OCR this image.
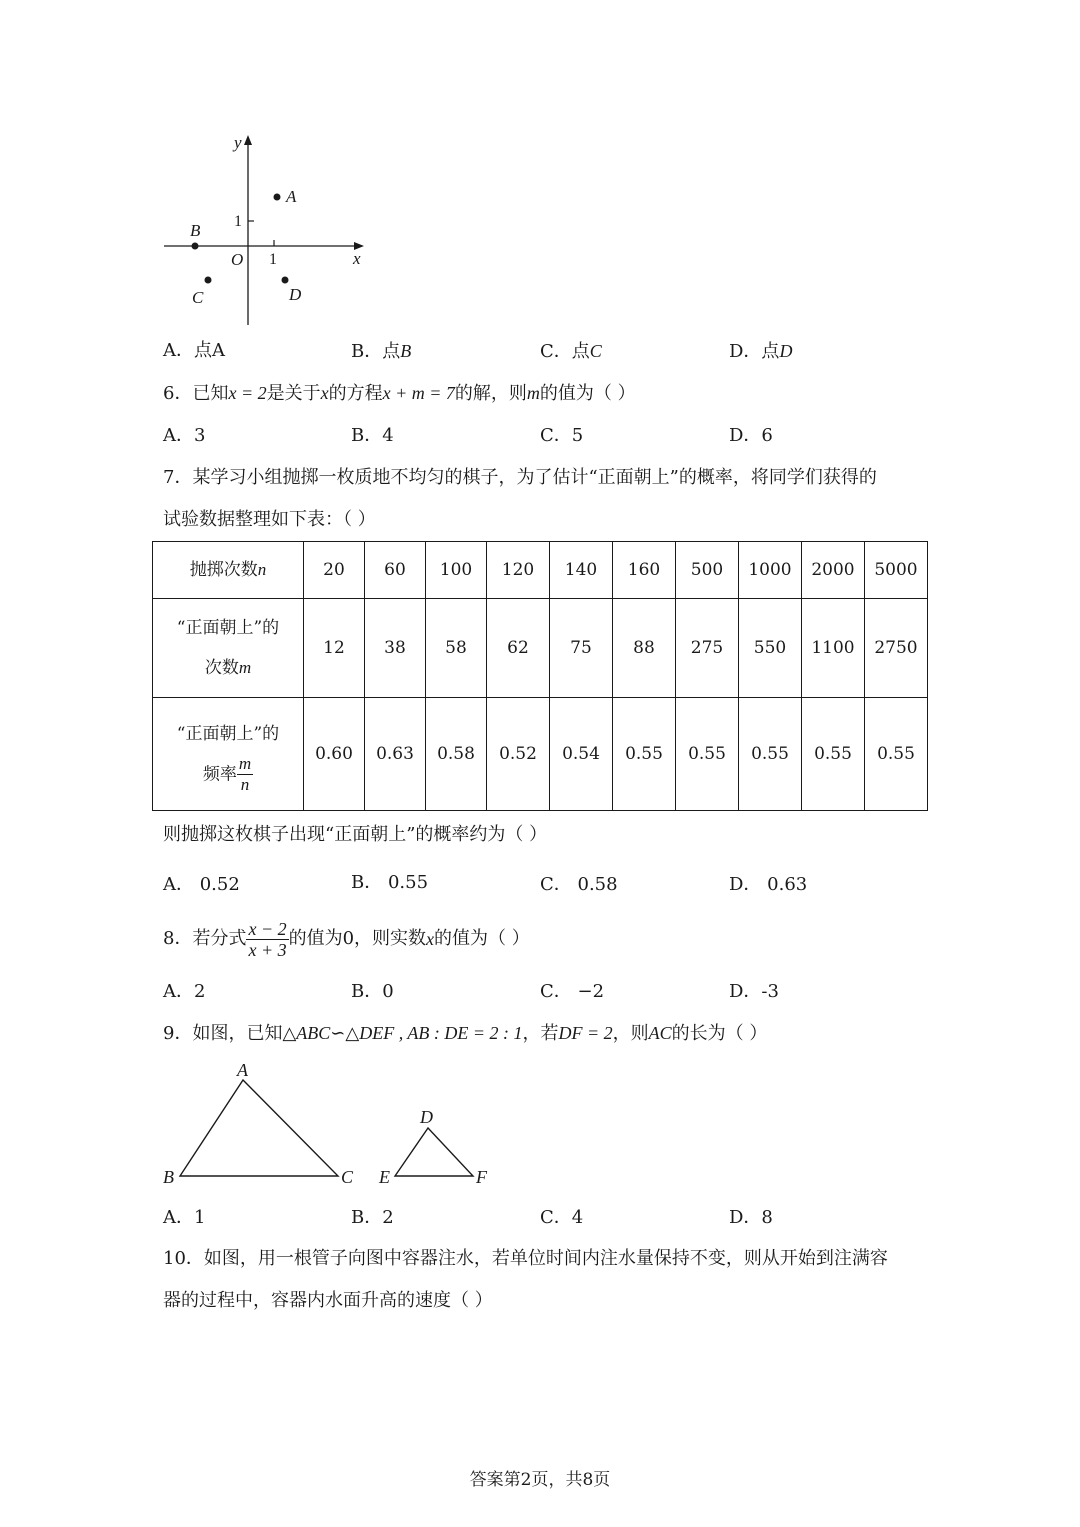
y
x
O
A
B
C	D
1
1
A．点A	B．点B	C．点C	D．点D
6．已知x = 2是关于x的方程x + m = 7的解，则m的值为（ ）
A．3	B．4	C．5	D．6
7．某学习小组抛掷一枚质地不均匀的棋子，为了估计“正面朝上”的概率，将同学们获得的
试验数据整理如下表：（ ）
抛掷次数n	20	60	100	120	140	160	500	1000	2000	5000

“正面朝上”的
次数m	12	38	58	62	75	88	275	550	1100	2750

“正面朝上”的
频率 $\frac{m}{n}$	0.60	0.63	0.58	0.52	0.54	0.55	0.55	0.55	0.55	0.55
则抛掷这枚棋子出现“正面朝上”的概率约为（ ）
A． 0.52	B． 0.55	C． 0.58	D． 0.63
8．若分式 $\frac{x - 2}{x + 3}$ 的值为0，则实数x的值为（ ）
A．2	B．0	C． −2	D．-3
9．如图，已知△ABC∽△DEF , AB : DE = 2 : 1，若DF = 2，则AC的长为（ ）
A
B	C
D
E	F
A．1	B．2	C．4	D．8
10．如图，用一根管子向图中容器注水，若单位时间内注水量保持不变，则从开始到注满容
器的过程中，容器内水面升高的速度（ ）
答案第2页，共8页
